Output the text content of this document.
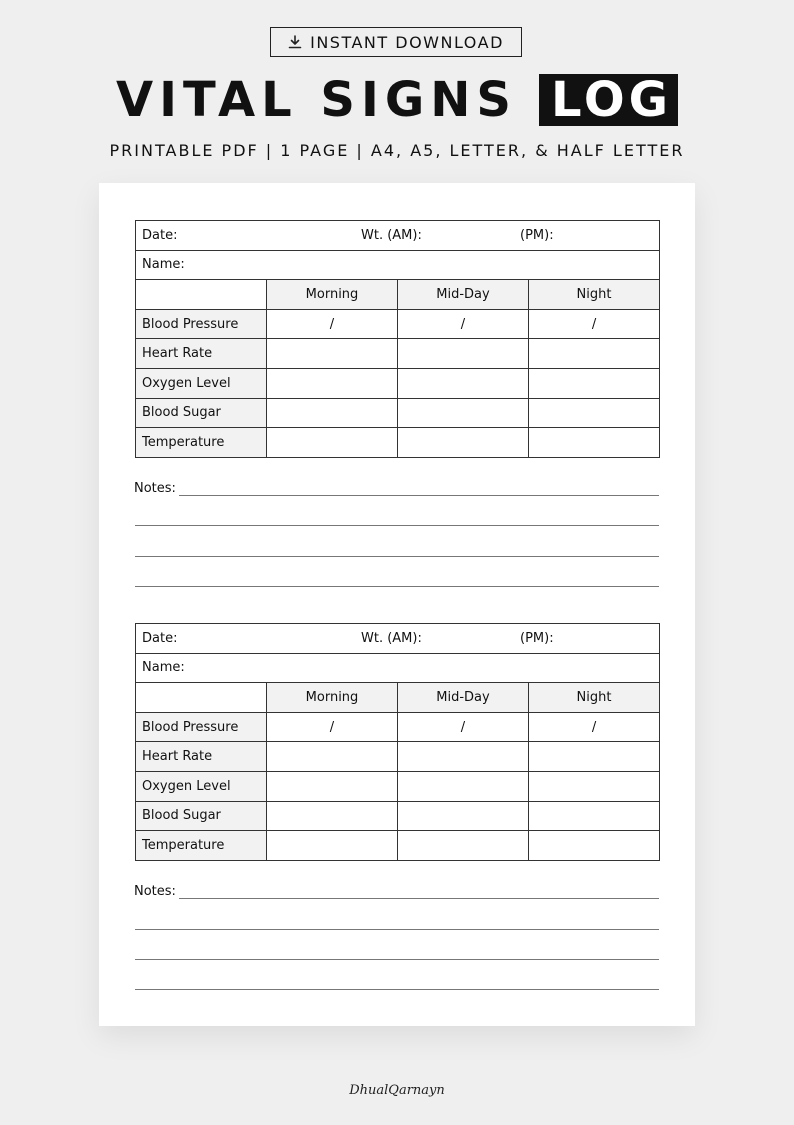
INSTANT DOWNLOAD
VITAL SIGNS LOG
PRINTABLE PDF | 1 PAGE | A4, A5, LETTER, & HALF LETTER
Date: Wt. (AM): (PM):			

Name:			
	Morning	Mid-Day	Night
Blood Pressure	/	/	/
Heart Rate			
Oxygen Level			
Blood Sugar			
Temperature			
Notes:
Date: Wt. (AM): (PM):			

Name:			
	Morning	Mid-Day	Night
Blood Pressure	/	/	/
Heart Rate			
Oxygen Level			
Blood Sugar			
Temperature			
Notes:
DhualQarnayn
